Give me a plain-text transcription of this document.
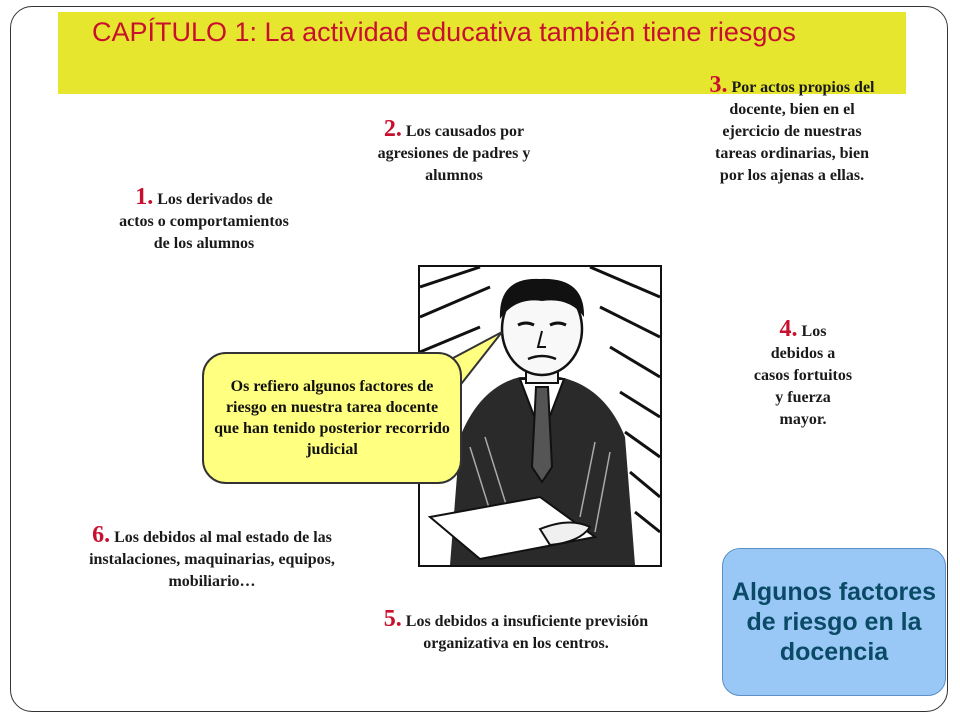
CAPÍTULO 1: La actividad educativa también tiene riesgos
1. Los derivados de actos o comportamientos de los alumnos
2. Los causados por agresiones de padres y alumnos
3. Por actos propios del docente, bien en el ejercicio de nuestras tareas ordinarias, bien por los ajenas a ellas.
4. Los debidos a casos fortuitos y fuerza mayor.
5. Los debidos a insuficiente previsión organizativa en los centros.
6. Los debidos al mal estado de las instalaciones, maquinarias, equipos, mobiliario…
Os refiero algunos factores de riesgo en nuestra tarea docente que han tenido posterior recorrido judicial
Algunos factores de riesgo en la docencia
